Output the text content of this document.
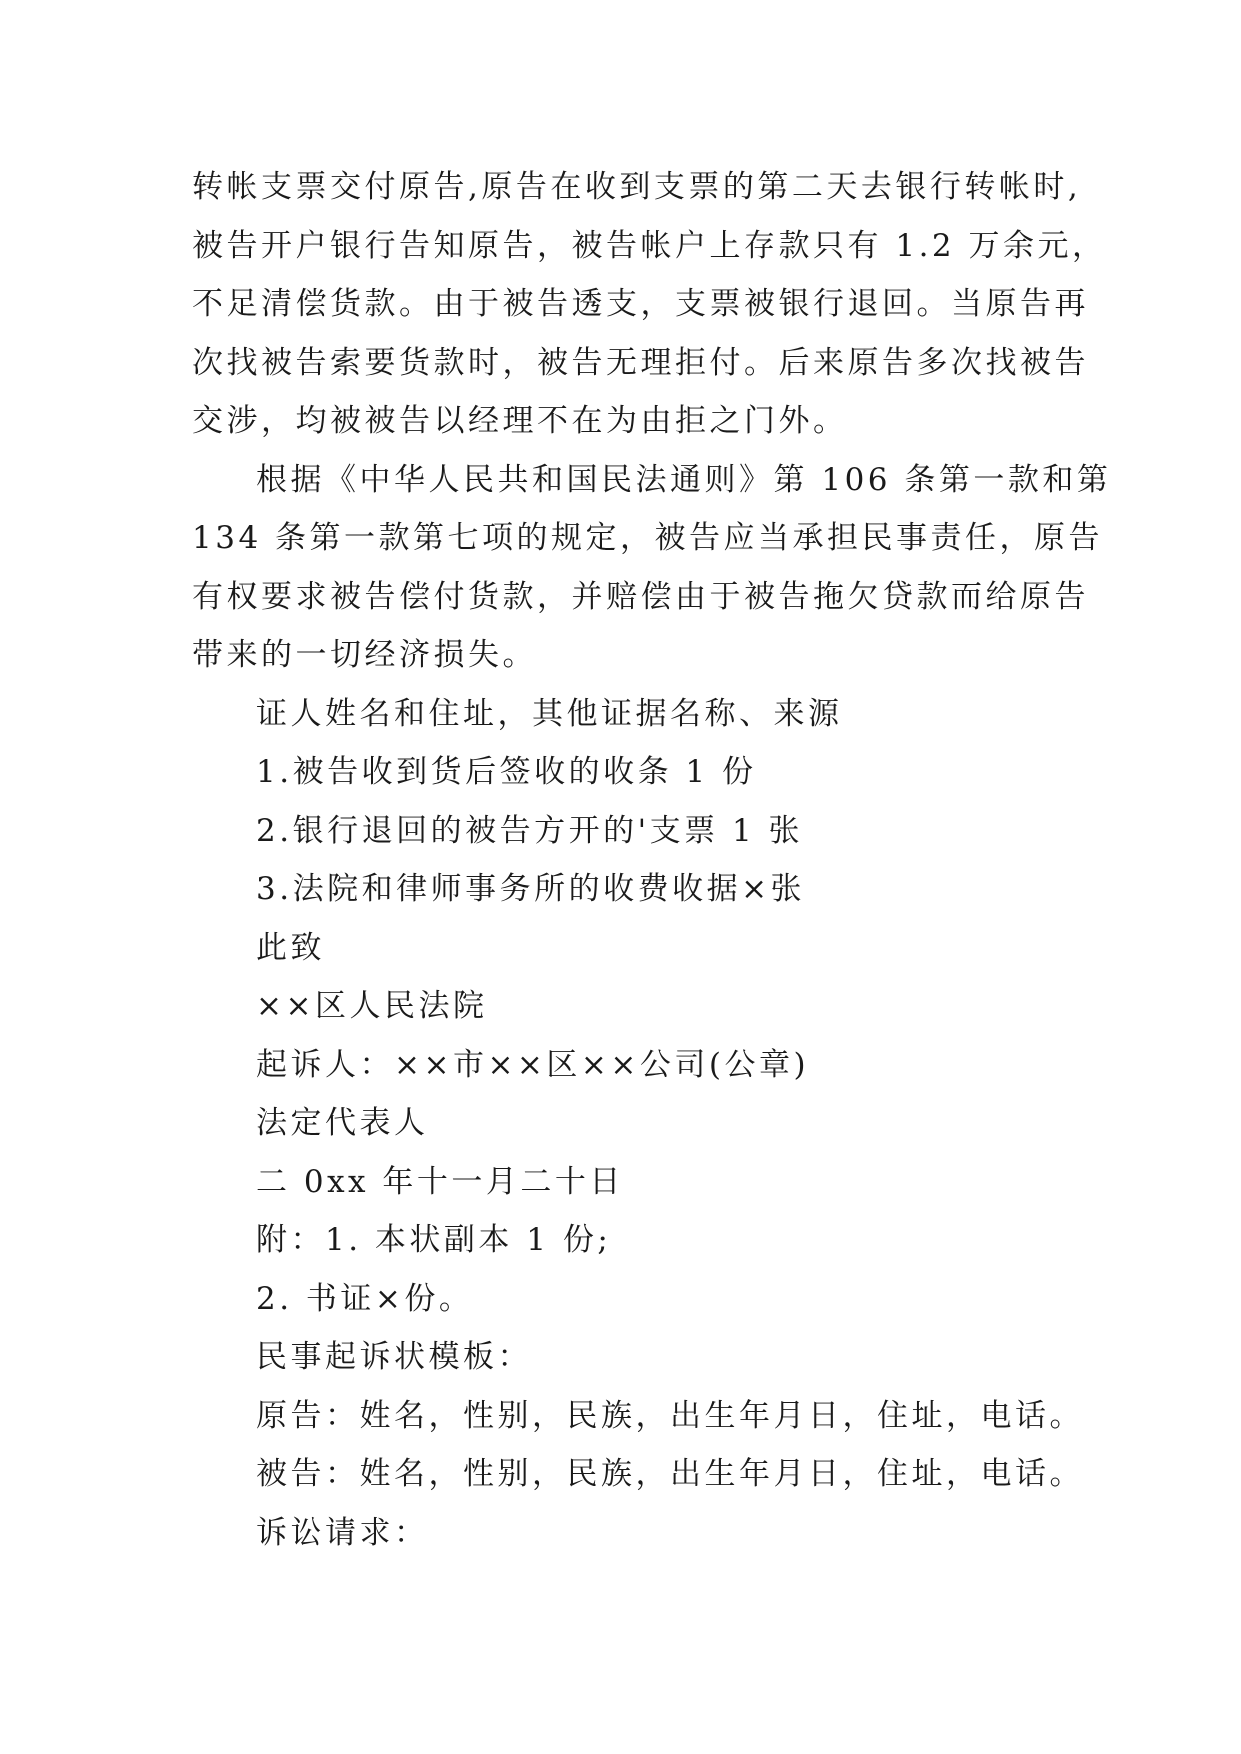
转帐支票交付原告,原告在收到支票的第二天去银行转帐时,
被告开户银行告知原告，被告帐户上存款只有 1.2 万余元，
不足清偿货款。由于被告透支，支票被银行退回。当原告再
次找被告索要货款时，被告无理拒付。后来原告多次找被告
交涉，均被被告以经理不在为由拒之门外。
根据《中华人民共和国民法通则》第 106 条第一款和第
134 条第一款第七项的规定，被告应当承担民事责任，原告
有权要求被告偿付货款，并赔偿由于被告拖欠贷款而给原告
带来的一切经济损失。
证人姓名和住址，其他证据名称、来源
1.被告收到货后签收的收条 1 份
2.银行退回的被告方开的'支票 1 张
3.法院和律师事务所的收费收据×张
此致
××区人民法院
起诉人：××市××区××公司(公章)
法定代表人
二 0xx 年十一月二十日
附：1. 本状副本 1 份;
2. 书证×份。
民事起诉状模板：
原告：姓名，性别，民族，出生年月日，住址，电话。
被告：姓名，性别，民族，出生年月日，住址，电话。
诉讼请求：
